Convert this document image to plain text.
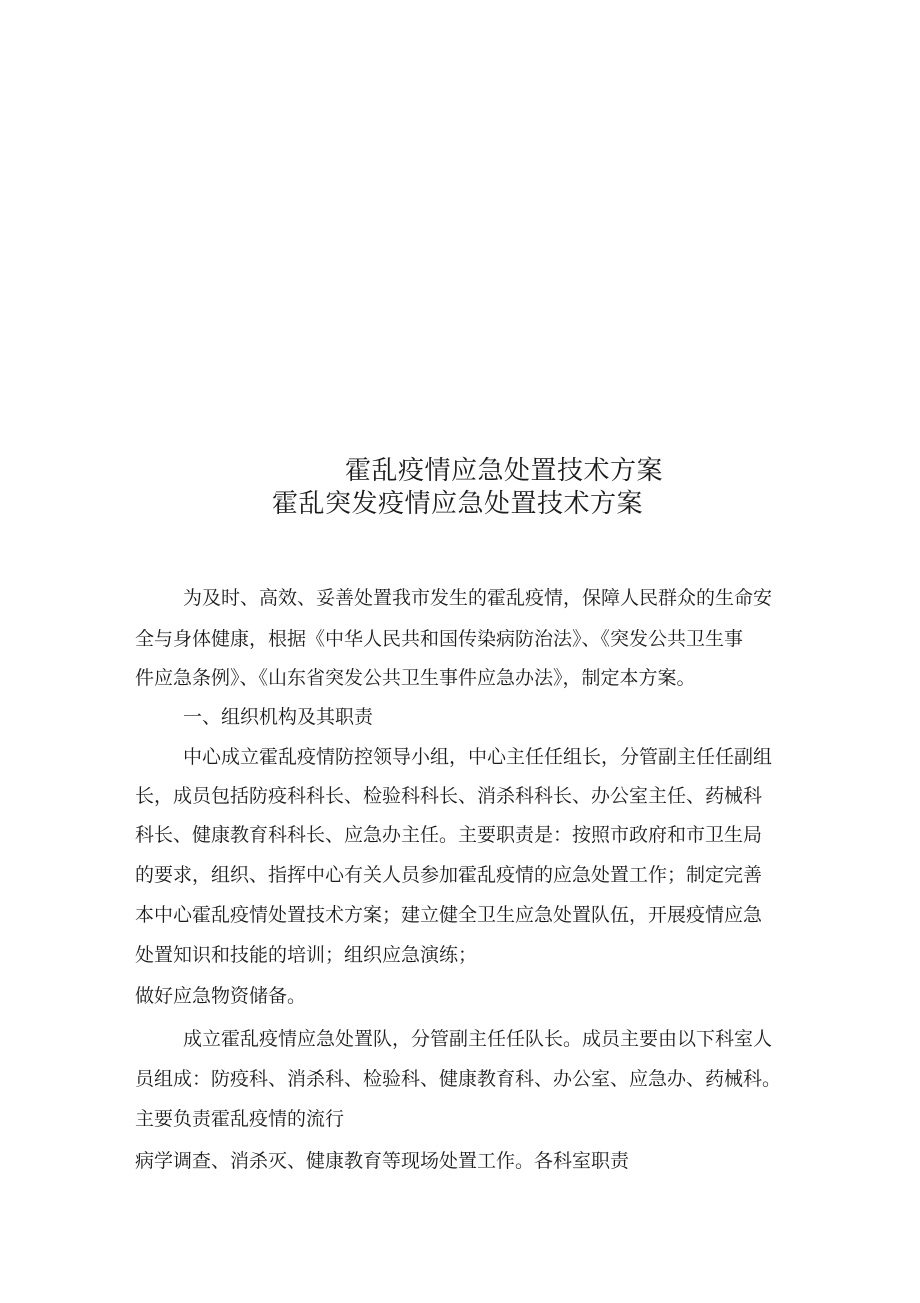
霍乱疫情应急处置技术方案
霍乱突发疫情应急处置技术方案
为及时、高效、妥善处置我市发生的霍乱疫情，保障人民群众的生命安
全与身体健康，根据《中华人民共和国传染病防治法》、《突发公共卫生事
件应急条例》、《山东省突发公共卫生事件应急办法》，制定本方案。
一、组织机构及其职责
中心成立霍乱疫情防控领导小组，中心主任任组长，分管副主任任副组
长，成员包括防疫科科长、检验科科长、消杀科科长、办公室主任、药械科
科长、健康教育科科长、应急办主任。主要职责是：按照市政府和市卫生局
的要求，组织、指挥中心有关人员参加霍乱疫情的应急处置工作；制定完善
本中心霍乱疫情处置技术方案；建立健全卫生应急处置队伍，开展疫情应急
处置知识和技能的培训；组织应急演练；
做好应急物资储备。
成立霍乱疫情应急处置队，分管副主任任队长。成员主要由以下科室人
员组成：防疫科、消杀科、检验科、健康教育科、办公室、应急办、药械科。
主要负责霍乱疫情的流行
病学调查、消杀灭、健康教育等现场处置工作。各科室职责
